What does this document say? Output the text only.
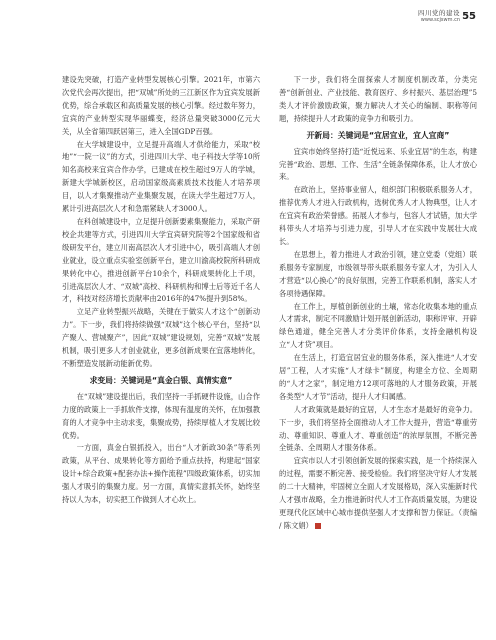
四川党的建设
www.scjswm.cn 55

建设先突破，打造产业转型发展核心引擎。2021年，市第六次党代会再次提出，把“双城”所处的三江新区作为宜宾发展新优势，综合承载区和高质量发展的核心引擎。经过数年努力，宜宾的产业转型实现华丽蝶变，经济总量突破3000亿元大关，从全省第四跃居第三，进入全国GDP百强。

在大学城建设中，立足提升高端人才供给能力，采取“校地”“一院一议”的方式，引进四川大学、电子科技大学等10所知名高校来宜宾合作办学，已建成在校生超过9万人的学城，新建大学城新校区，启动国家级高素质技术技能人才培养项目，以人才集聚推动产业集聚发展，在读大学生超过7万人，累计引进高层次人才和急需紧缺人才3000人。

在科创城建设中，立足提升创新要素集聚能力，采取产研校企共建等方式，引进四川大学宜宾研究院等2个国家级和省级研发平台，建立川南高层次人才引进中心，吸引高端人才创业就业，设立重点实验室创新平台，建立川渝高校院所科研成果转化中心，推进创新平台10余个，科研成果转化上千项，引进高层次人才、“双城”高校、科研机构和博士后等近千名人才，科技对经济增长贡献率由2016年的47%提升到58%。

立足产业转型振兴战略，关键在于做实人才这个“创新动力”。下一步，我们将持续做强“双城”这个核心平台，坚持“以产聚人、营城聚产”，因此“双城”建设规划，完善“双城”发展机制，吸引更多人才创业就业，更多创新成果在宜落地转化，不断塑造发展新动能新优势。

求变局：关键词是“真金白银、真情实意”

在“双城”建设提出后，我们坚持一手抓硬件设施，山合作力度的政策上一手抓软件支撑，体现有温度的关怀，在加强教育的人才竞争中主动求变，集聚成势，持续厚植人才发展比较优势。

一方面，真金白银抓投入，出台“人才新政30条”等系列政策，从平台、成果转化等方面给予重点扶持，构建起“国家设计+综合政策+配套办法+操作流程”四级政策体系，切实加强人才吸引的集聚力度。另一方面，真情实意抓关怀，始终坚持以人为本，切实把工作做到人才心坎上。

下一步，我们将全面探索人才制度机制改革，分类完善“创新创业、产业技能、教育医疗、乡村振兴、基层治理”5类人才评价激励政策，聚力解决人才关心的编制、职称等问题，持续提升人才政策的竞争力和吸引力。

开新局：关键词是“宜居宜业，宜人宜商”

宜宾市始终坚持打造“近悦远来、乐业宜居”的生态，构建完善“政治、思想、工作、生活”全链条保障体系，让人才放心来。

在政治上，坚持事业留人，组织部门积极联系服务人才，推荐优秀人才进入行政机构，选树优秀人才人物典型，让人才在宜宾有政治荣誉感。拓展人才参与，包容人才试错，加大学科带头人才培养与引进力度，引导人才在实践中发展壮大成长。

在思想上，着力推进人才政治引领，建立党委（党组）联系服务专家制度，市级领导带头联系服务专家人才，为引入人才营造“以心换心”的良好氛围，完善工作联系机制，落实人才各项待遇保障。

在工作上，厚植创新创业的土壤，常态化收集本地的重点人才需求，制定不同激励计划开展创新活动，职称评审、开辟绿色通道，健全完善人才分类评价体系，支持金融机构设立“人才贷”项目。

在生活上，打造宜居宜业的服务体系，深入推进“人才安居”工程，人才实施“人才绿卡”制度，构建全方位、全周期的“人才之家”，制定地方12项可落地的人才服务政策，开展各类型“人才节”活动，提升人才归属感。

人才政策就是最好的宜居，人才生态才是最好的竞争力。下一步，我们将坚持全面推动人才工作大提升，营造“尊重劳动、尊重知识、尊重人才、尊重创造”的浓厚氛围，不断完善全链条、全周期人才服务体系。

宜宾市以人才引领创新发展的探索实践，是一个持续深入的过程，需要不断完善、接受检验。我们将坚决守好人才发展的二十大精神，牢固树立全面人才发展格局，深入实施新时代人才强市战略，全力推进新时代人才工作高质量发展，为建设更现代化区域中心城市提供坚强人才支撑和智力保证。（责编 / 陈文娟）
